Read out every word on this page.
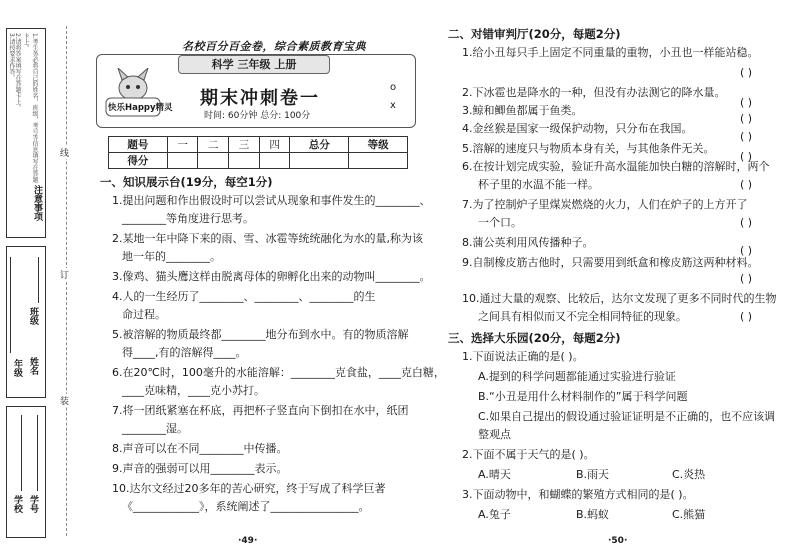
注意事项
1.考生务必将自己的姓名，班级，考号等信息填写在答题卡上。
2.请将答案填写在答题卡上。
3.请按要求作答。
年级
班级
姓名
学校 学号
线
订
装
名校百分百金卷，综合素质教育宝典
科学 三年级 上册
快乐Happy精灵 期末冲刺卷一
时间: 60分钟 总分: 100分
o
x
题号	一	二	三	四	总分	等级
得分						
一、知识展示台(19分，每空1分)
1.提出问题和作出假设时可以尝试从现象和事件发生的________、
________等角度进行思考。
2.某地一年中降下来的雨、雪、冰雹等统统融化为水的量,称为该
地一年的________。
3.像鸡、猫头鹰这样由脱离母体的卵孵化出来的动物叫________。
4.人的一生经历了________、________、________的生
命过程。
5.被溶解的物质最终都________地分布到水中。有的物质溶解
得____,有的溶解得____。
6.在20℃时，100毫升的水能溶解：________克食盐，____克白糖，
____克味精，____克小苏打。
7.将一团纸紧塞在杯底，再把杯子竖直向下倒扣在水中，纸团
________湿。
8.声音可以在不同________中传播。
9.声音的强弱可以用________表示。
10.达尔文经过20多年的苦心研究，终于写成了科学巨著
《____________》，系统阐述了________________。
·49·
二、对错审判厅(20分，每题2分)
1.给小丑每只手上固定不同重量的重物，小丑也一样能站稳。
( )
2.下冰雹也是降水的一种，但没有办法测它的降水量。
( )
3.鲸和鲫鱼都属于鱼类。
( )
4.金丝猴是国家一级保护动物，只分布在我国。
( )
5.溶解的速度只与物质本身有关，与其他条件无关。
( )
6.在按计划完成实验，验证升高水温能加快白糖的溶解时，两个
杯子里的水温不能一样。	( )
7.为了控制炉子里煤炭燃烧的火力，人们在炉子的上方开了
一个口。	( )
8.蒲公英利用风传播种子。
( )
9.自制橡皮筋古他时，只需要用到纸盒和橡皮筋这两种材料。
( )
10.通过大量的观察、比较后，达尔文发现了更多不同时代的生物
之间具有相似而又不完全相同特征的现象。	( )
三、选择大乐园(20分，每题2分)
1.下面说法正确的是( )。
A.提到的科学问题都能通过实验进行验证
B.“小丑是用什么材料制作的”属于科学问题
C.如果自己提出的假设通过验证证明是不正确的，也不应该调
整观点
2.下面不属于天气的是( )。
A.晴天	B.雨天	C.炎热
3.下面动物中，和蝴蝶的繁殖方式相同的是( )。
A.兔子	B.蚂蚁	C.熊猫
·50·
